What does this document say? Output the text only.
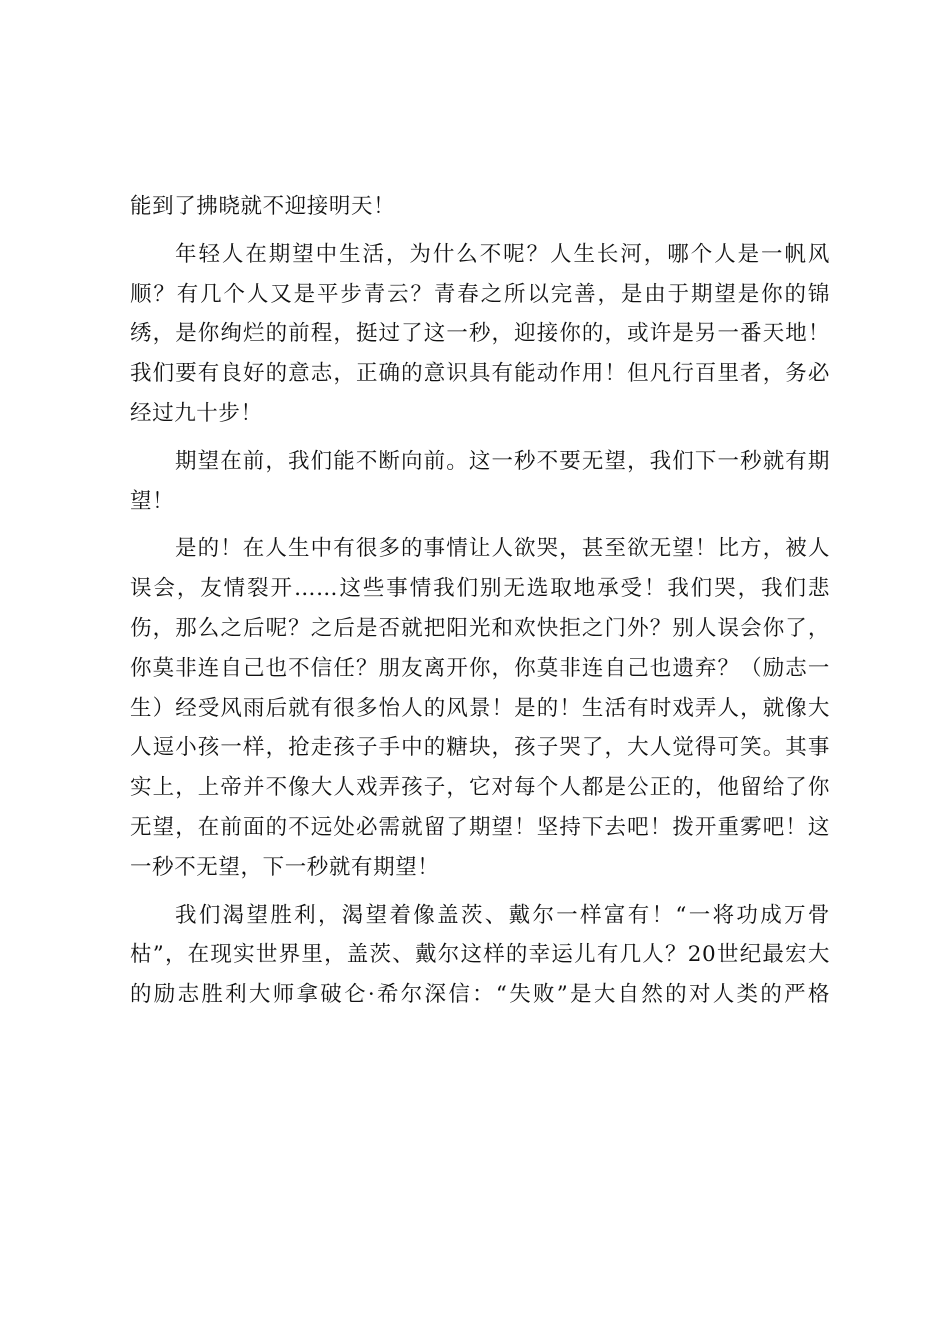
能到了拂晓就不迎接明天！
年轻人在期望中生活，为什么不呢？人生长河，哪个人是一帆风
顺？有几个人又是平步青云？青春之所以完善，是由于期望是你的锦
绣，是你绚烂的前程，挺过了这一秒，迎接你的，或许是另一番天地！
我们要有良好的意志，正确的意识具有能动作用！但凡行百里者，务必
经过九十步！
期望在前，我们能不断向前。这一秒不要无望，我们下一秒就有期
望！
是的！在人生中有很多的事情让人欲哭，甚至欲无望！比方，被人
误会，友情裂开……这些事情我们别无选取地承受！我们哭，我们悲
伤，那么之后呢？之后是否就把阳光和欢快拒之门外？别人误会你了，
你莫非连自己也不信任？朋友离开你，你莫非连自己也遗弃？（励志一
生）经受风雨后就有很多怡人的风景！是的！生活有时戏弄人，就像大
人逗小孩一样，抢走孩子手中的糖块，孩子哭了，大人觉得可笑。其事
实上，上帝并不像大人戏弄孩子，它对每个人都是公正的，他留给了你
无望，在前面的不远处必需就留了期望！坚持下去吧！拨开重雾吧！这
一秒不无望，下一秒就有期望！
我们渴望胜利，渴望着像盖茨、戴尔一样富有！“一将功成万骨
枯”，在现实世界里，盖茨、戴尔这样的幸运儿有几人？20世纪最宏大
的励志胜利大师拿破仑·希尔深信：“失败”是大自然的对人类的严格
